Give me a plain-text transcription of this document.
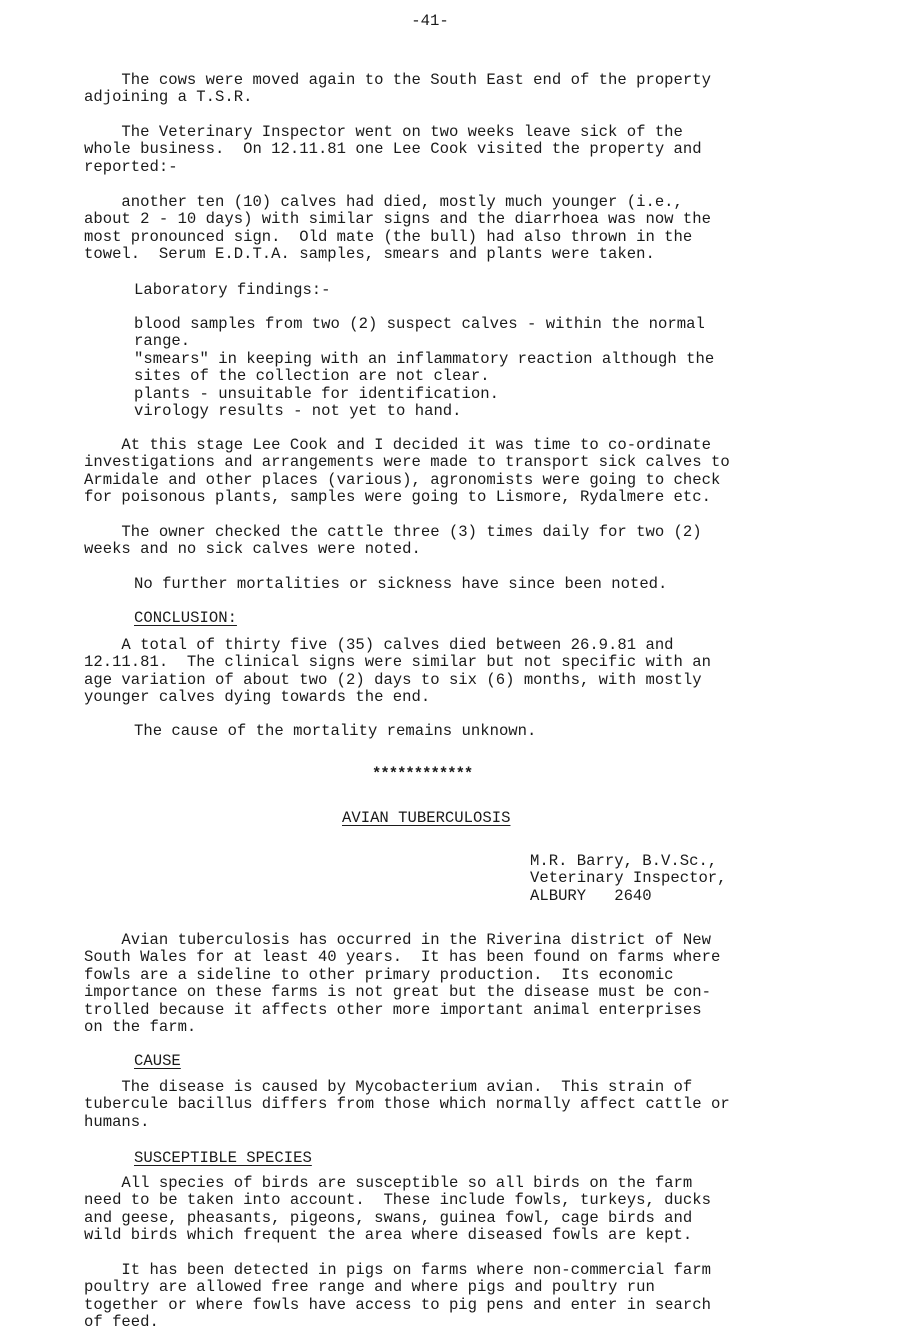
-41-

The cows were moved again to the South East end of the property
adjoining a T.S.R.

The Veterinary Inspector went on two weeks leave sick of the
whole business.  On 12.11.81 one Lee Cook visited the property and
reported:-

another ten (10) calves had died, mostly much younger (i.e.,
about 2 - 10 days) with similar signs and the diarrhoea was now the
most pronounced sign.  Old mate (the bull) had also thrown in the
towel.  Serum E.D.T.A. samples, smears and plants were taken.

Laboratory findings:-

blood samples from two (2) suspect calves - within the normal
range.
"smears" in keeping with an inflammatory reaction although the
sites of the collection are not clear.
plants - unsuitable for identification.
virology results - not yet to hand.

At this stage Lee Cook and I decided it was time to co-ordinate
investigations and arrangements were made to transport sick calves to
Armidale and other places (various), agronomists were going to check
for poisonous plants, samples were going to Lismore, Rydalmere etc.

The owner checked the cattle three (3) times daily for two (2)
weeks and no sick calves were noted.

No further mortalities or sickness have since been noted.

CONCLUSION:

A total of thirty five (35) calves died between 26.9.81 and
12.11.81.  The clinical signs were similar but not specific with an
age variation of about two (2) days to six (6) months, with mostly
younger calves dying towards the end.

The cause of the mortality remains unknown.

************

AVIAN TUBERCULOSIS

M.R. Barry, B.V.Sc.,
Veterinary Inspector,
ALBURY   2640

Avian tuberculosis has occurred in the Riverina district of New
South Wales for at least 40 years.  It has been found on farms where
fowls are a sideline to other primary production.  Its economic
importance on these farms is not great but the disease must be con-
trolled because it affects other more important animal enterprises
on the farm.

CAUSE

The disease is caused by Mycobacterium avian.  This strain of
tubercule bacillus differs from those which normally affect cattle or
humans.

SUSCEPTIBLE SPECIES

All species of birds are susceptible so all birds on the farm
need to be taken into account.  These include fowls, turkeys, ducks
and geese, pheasants, pigeons, swans, guinea fowl, cage birds and
wild birds which frequent the area where diseased fowls are kept.

It has been detected in pigs on farms where non-commercial farm
poultry are allowed free range and where pigs and poultry run
together or where fowls have access to pig pens and enter in search
of feed.
